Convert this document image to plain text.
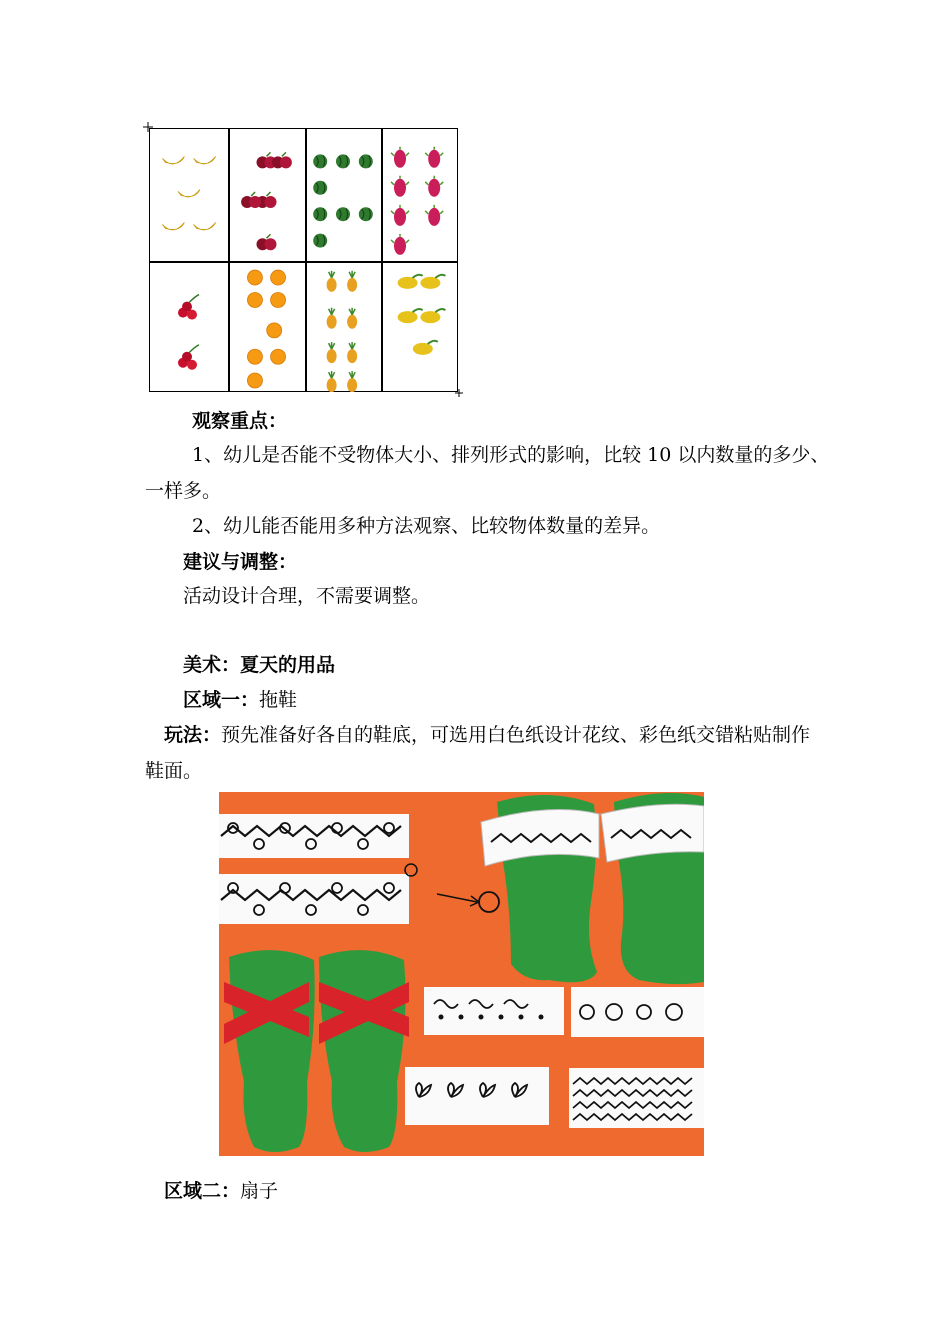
观察重点：
1、幼儿是否能不受物体大小、排列形式的影响，比较 10 以内数量的多少、
一样多。
2、幼儿能否能用多种方法观察、比较物体数量的差异。
建议与调整：
活动设计合理，不需要调整。
美术：夏天的用品
区域一：拖鞋
玩法：预先准备好各自的鞋底，可选用白色纸设计花纹、彩色纸交错粘贴制作
鞋面。
区域二：扇子
